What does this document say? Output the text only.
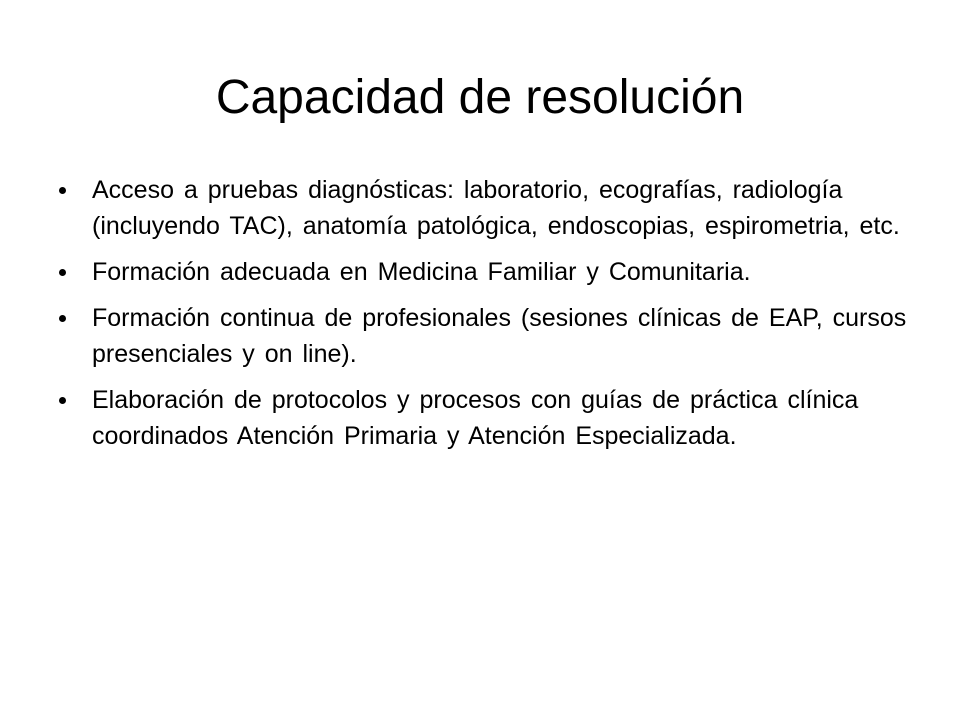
Capacidad de resolución
Acceso a pruebas diagnósticas: laboratorio, ecografías, radiología (incluyendo TAC), anatomía patológica, endoscopias, espirometria, etc.
Formación adecuada en Medicina Familiar y Comunitaria.
Formación continua de profesionales (sesiones clínicas de EAP, cursos presenciales y on line).
Elaboración de protocolos y procesos con guías de práctica clínica coordinados Atención Primaria y Atención Especializada.
